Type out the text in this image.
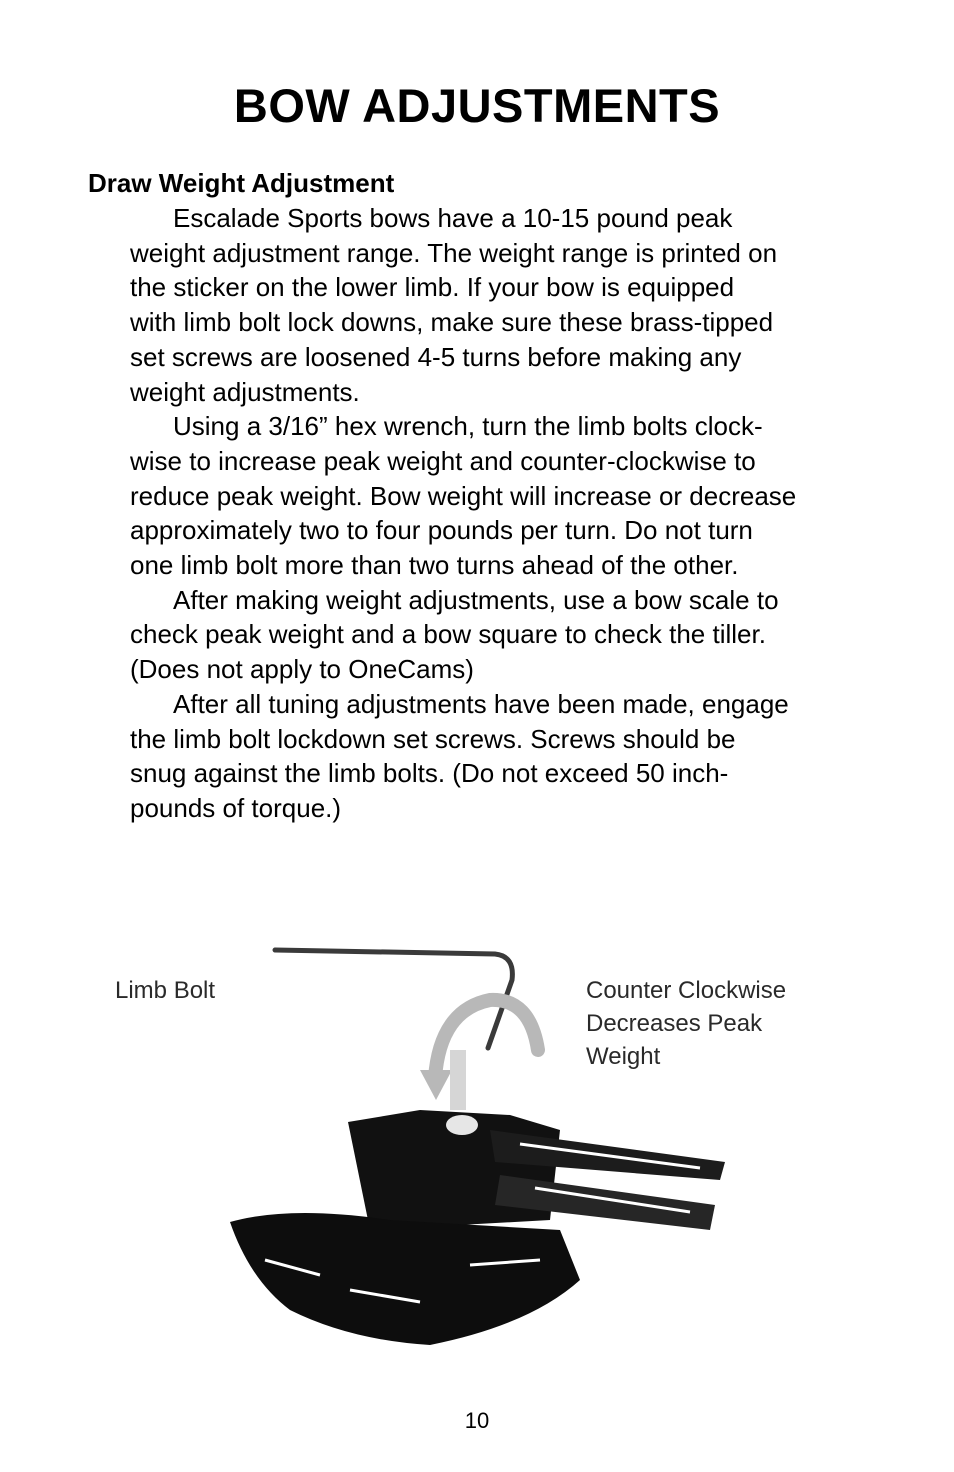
BOW ADJUSTMENTS
Draw Weight Adjustment

Escalade Sports bows have a 10-15 pound peak
weight adjustment range. The weight range is printed on
the sticker on the lower limb. If your bow is equipped
with limb bolt lock downs, make sure these brass-tipped
set screws are loosened 4-5 turns before making any
weight adjustments.

Using a 3/16” hex wrench, turn the limb bolts clock-
wise to increase peak weight and counter-clockwise to
reduce peak weight. Bow weight will increase or decrease
approximately two to four pounds per turn. Do not turn
one limb bolt more than two turns ahead of the other.

After making weight adjustments, use a bow scale to
check peak weight and a bow square to check the tiller.
(Does not apply to OneCams)

After all tuning adjustments have been made, engage
the limb bolt lockdown set screws. Screws should be
snug against the limb bolts. (Do not exceed 50 inch-
pounds of torque.)

Limb Bolt	Counter Clockwise
Decreases Peak
Weight
10
